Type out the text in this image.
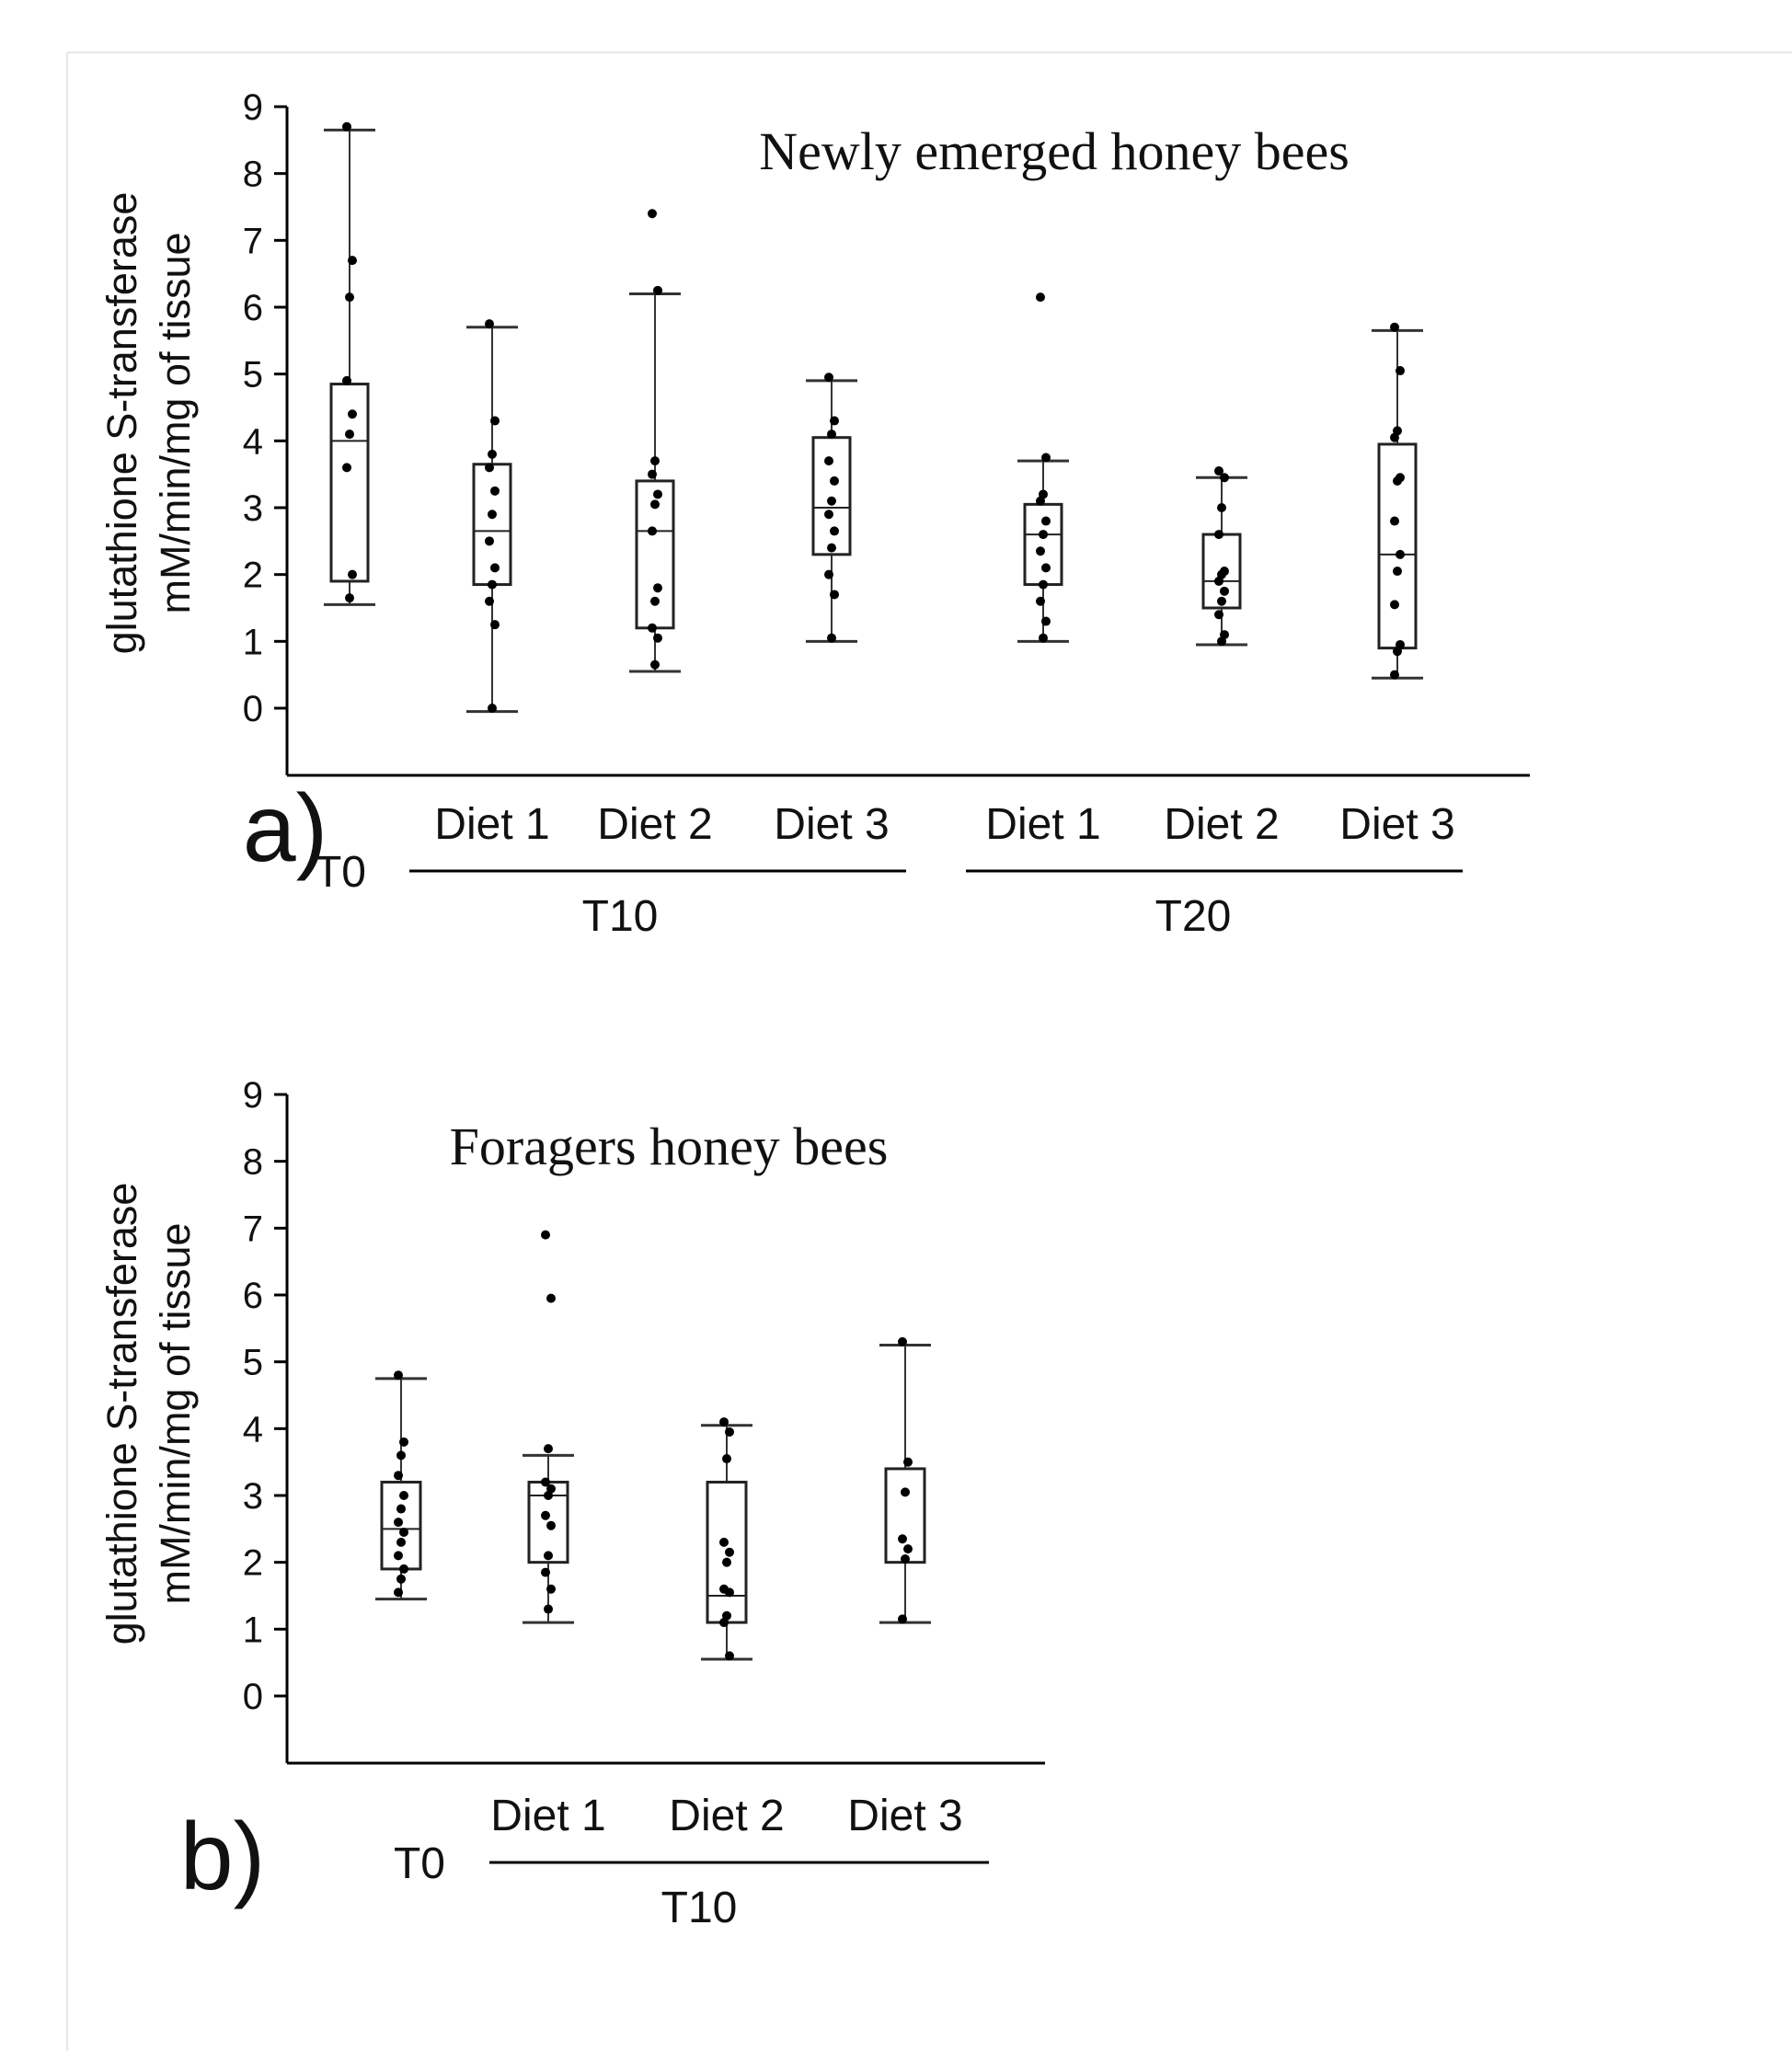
Newly emerged honey bees
a)
glutathione S-transferase mM/min/mg of tissue
0
1
2
3
4
5
6
7
8
9
T0
Diet 1 Diet 2 Diet 3
T10
Diet 1 Diet 2 Diet 3
T20
Foragers honey bees
b)
glutathione S-transferase mM/min/mg of tissue
0
1
2
3
4
5
6
7
8
9
T0
Diet 1 Diet 2 Diet 3
T10
